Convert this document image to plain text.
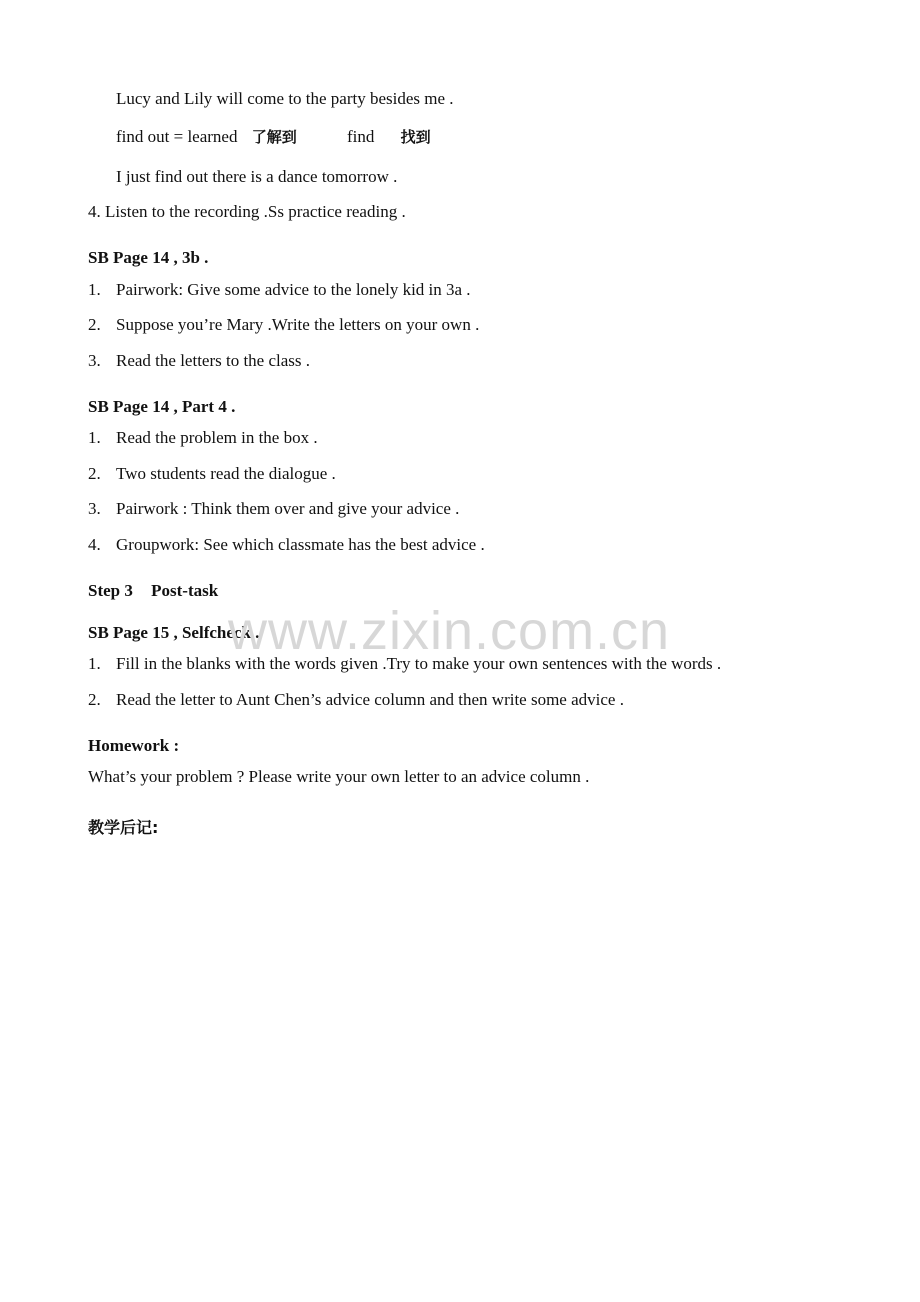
Lucy and Lily will come to the party besides me .
find out = learned 了解到	find 找到
I just find out there is a dance tomorrow .
4. Listen to the recording .Ss practice reading .
SB Page 14 , 3b .
1. Pairwork: Give some advice to the lonely kid in 3a .
2. Suppose you’re Mary .Write the letters on your own .
3. Read the letters to the class .
SB Page 14 , Part 4 .
1. Read the problem in the box .
2. Two students read the dialogue .
3. Pairwork : Think them over and give your advice .
4. Groupwork: See which classmate has the best advice .
Step 3 Post-task
SB Page 15 , Selfcheck .
1. Fill in the blanks with the words given .Try to make your own sentences with the words .
2. Read the letter to Aunt Chen’s advice column and then write some advice .
Homework :
What’s your problem ? Please write your own letter to an advice column .
教学后记:
www.zixin.com.cn
